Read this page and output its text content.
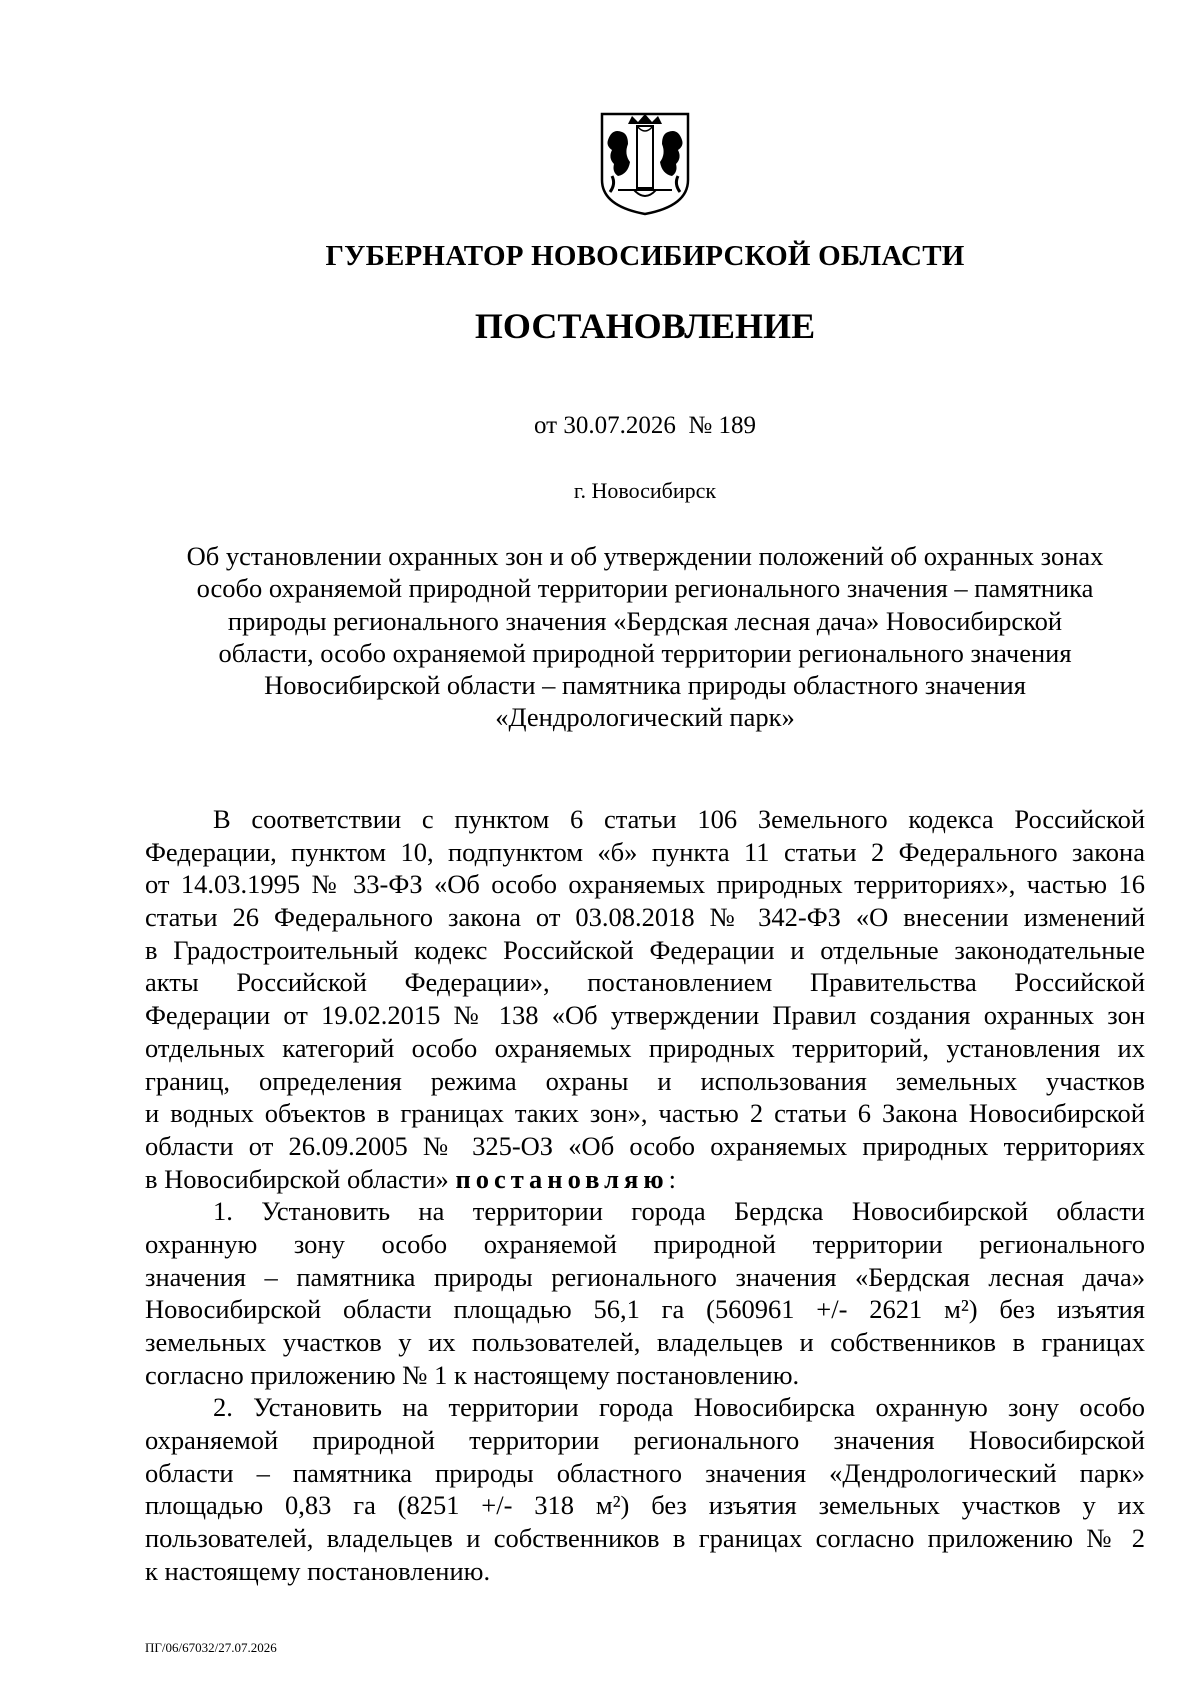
ГУБЕРНАТОР НОВОСИБИРСКОЙ ОБЛАСТИ
ПОСТАНОВЛЕНИЕ
от 30.07.2026  № 189
г. Новосибирск
Об установлении охранных зон и об утверждении положений об охранных зонах
особо охраняемой природной территории регионального значения – памятника
природы регионального значения «Бердская лесная дача» Новосибирской
области, особо охраняемой природной территории регионального значения
Новосибирской области – памятника природы областного значения
«Дендрологический парк»
В соответствии с пунктом 6 статьи 106 Земельного кодекса Российской
Федерации, пунктом 10, подпунктом «б» пункта 11 статьи 2 Федерального закона
от 14.03.1995 № 33-ФЗ «Об особо охраняемых природных территориях», частью 16
статьи 26 Федерального закона от 03.08.2018 № 342-ФЗ «О внесении изменений
в Градостроительный кодекс Российской Федерации и отдельные законодательные
акты Российской Федерации», постановлением Правительства Российской
Федерации от 19.02.2015 № 138 «Об утверждении Правил создания охранных зон
отдельных категорий особо охраняемых природных территорий, установления их
границ, определения режима охраны и использования земельных участков
и водных объектов в границах таких зон», частью 2 статьи 6 Закона Новосибирской
области от 26.09.2005 № 325-ОЗ «Об особо охраняемых природных территориях
в Новосибирской области» постановляю:
1. Установить на территории города Бердска Новосибирской области
охранную зону особо охраняемой природной территории регионального
значения – памятника природы регионального значения «Бердская лесная дача»
Новосибирской области площадью 56,1 га (560961 +/- 2621 м²) без изъятия
земельных участков у их пользователей, владельцев и собственников в границах
согласно приложению № 1 к настоящему постановлению.
2. Установить на территории города Новосибирска охранную зону особо
охраняемой природной территории регионального значения Новосибирской
области – памятника природы областного значения «Дендрологический парк»
площадью 0,83 га (8251 +/- 318 м²) без изъятия земельных участков у их
пользователей, владельцев и собственников в границах согласно приложению № 2
к настоящему постановлению.
ПГ/06/67032/27.07.2026
